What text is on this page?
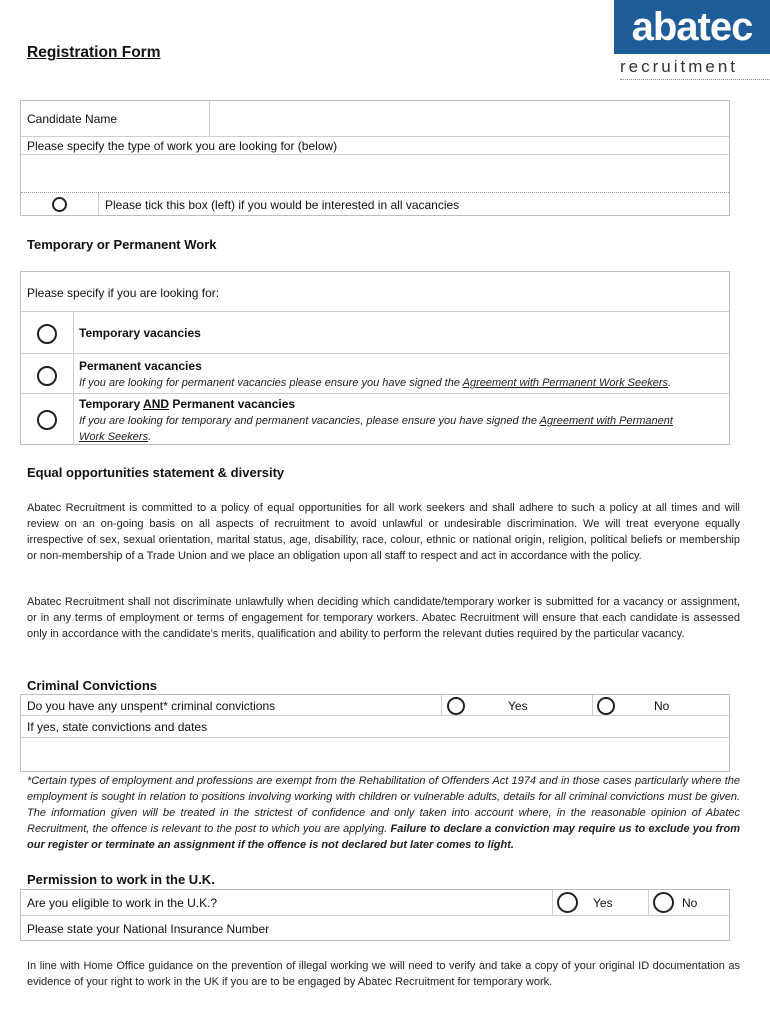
Registration Form
abatec
recruitment
Candidate Name
Please specify the type of work you are looking for (below)
Please tick this box (left) if you would be interested in all vacancies
Temporary or Permanent Work
Please specify if you are looking for:
Temporary vacancies
Permanent vacancies
If you are looking for permanent vacancies please ensure you have signed the Agreement with Permanent Work Seekers.
Temporary AND Permanent vacancies
If you are looking for temporary and permanent vacancies, please ensure you have signed the Agreement with Permanent
Work Seekers.
Equal opportunities statement & diversity
Abatec Recruitment is committed to a policy of equal opportunities for all work seekers and shall adhere to such a policy at all times and will review on an on-going basis on all aspects of recruitment to avoid unlawful or undesirable discrimination. We will treat everyone equally irrespective of sex, sexual orientation, marital status, age, disability, race, colour, ethnic or national origin, religion, political beliefs or membership or non-membership of a Trade Union and we place an obligation upon all staff to respect and act in accordance with the policy.
Abatec Recruitment shall not discriminate unlawfully when deciding which candidate/temporary worker is submitted for a vacancy or assignment, or in any terms of employment or terms of engagement for temporary workers. Abatec Recruitment will ensure that each candidate is assessed only in accordance with the candidate’s merits, qualification and ability to perform the relevant duties required by the particular vacancy.
Criminal Convictions
Do you have any unspent* criminal convictions	Yes	No
If yes, state convictions and dates
*Certain types of employment and professions are exempt from the Rehabilitation of Offenders Act 1974 and in those cases particularly where the employment is sought in relation to positions involving working with children or vulnerable adults, details for all criminal convictions must be given. The information given will be treated in the strictest of confidence and only taken into account where, in the reasonable opinion of Abatec Recruitment, the offence is relevant to the post to which you are applying. Failure to declare a conviction may require us to exclude you from our register or terminate an assignment if the offence is not declared but later comes to light.
Permission to work in the U.K.
Are you eligible to work in the U.K.?	Yes	No
Please state your National Insurance Number
In line with Home Office guidance on the prevention of illegal working we will need to verify and take a copy of your original ID documentation as evidence of your right to work in the UK if you are to be engaged by Abatec Recruitment for temporary work.
